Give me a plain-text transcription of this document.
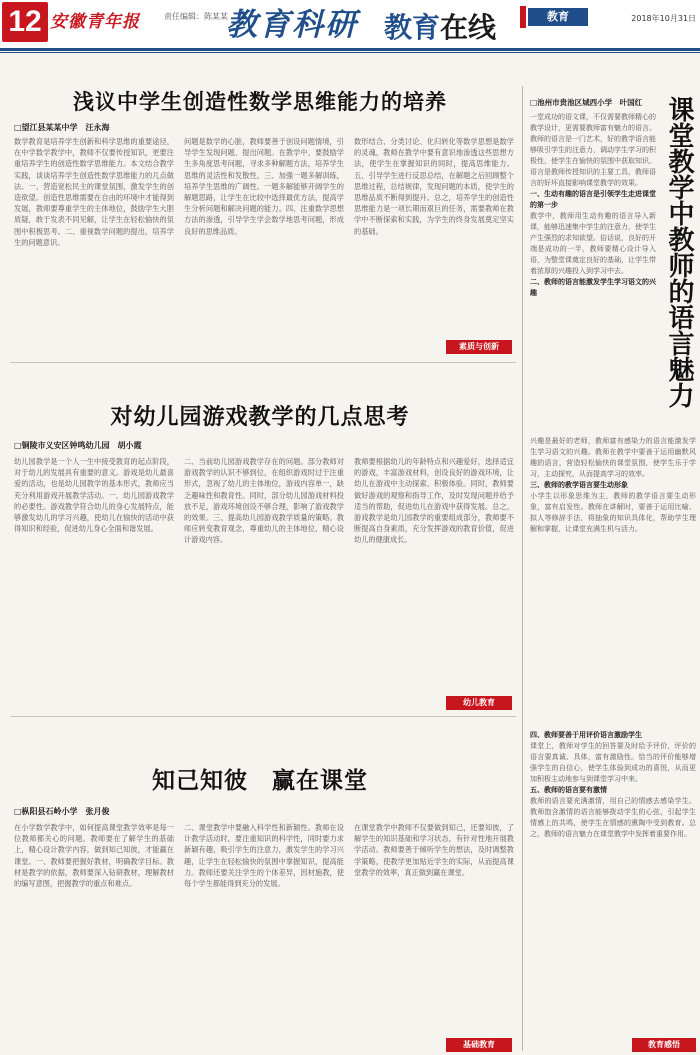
12 安徽青年报	责任编辑：陈某某
教育科研 教育在线	教育	2018年10月31日
浅议中学生创造性数学思维能力的培养
□望江县某某中学　汪永海
数学教育是培养学生创新和科学思维的重要途径，在中学数学教学中，教师不仅要传授知识，更要注重培养学生的创造性数学思维能力。本文结合教学实践，谈谈培养学生创造性数学思维能力的几点做法。一、营造宽松民主的课堂氛围，激发学生的创造欲望。创造性思维需要在自由的环境中才能得到发展，教师要尊重学生的主体地位，鼓励学生大胆质疑，敢于发表不同见解，让学生在轻松愉快的氛围中积极思考。二、重视数学问题的提出，培养学生的问题意识。
问题是数学的心脏，教师要善于创设问题情境，引导学生发现问题、提出问题。在教学中，要鼓励学生多角度思考问题，寻求多种解题方法，培养学生思维的灵活性和发散性。三、加强一题多解训练，培养学生思维的广阔性。一题多解能够开阔学生的解题思路，让学生在比较中选择最优方法，提高学生分析问题和解决问题的能力。四、注重数学思想方法的渗透，引导学生学会数学地思考问题，形成良好的思维品质。
数形结合、分类讨论、化归转化等数学思想是数学的灵魂，教师在教学中要有意识地渗透这些思想方法，使学生在掌握知识的同时，提高思维能力。五、引导学生进行反思总结，在解题之后回顾整个思维过程，总结规律，发现问题的本质，使学生的思维品质不断得到提升。总之，培养学生的创造性思维能力是一项长期而艰巨的任务，需要教师在教学中不断探索和实践，为学生的终身发展奠定坚实的基础。
素质与创新
对幼儿园游戏教学的几点思考
□铜陵市义安区钟鸣幼儿园　胡小霞
幼儿园教学是一个人一生中接受教育的起点阶段，对于幼儿的发展具有重要的意义。游戏是幼儿最喜爱的活动，也是幼儿园教学的基本形式，教师应当充分利用游戏开展教学活动。一、幼儿园游戏教学的必要性。游戏教学符合幼儿的身心发展特点，能够激发幼儿的学习兴趣，使幼儿在愉快的活动中获得知识和经验，促进幼儿身心全面和谐发展。
二、当前幼儿园游戏教学存在的问题。部分教师对游戏教学的认识不够到位，在组织游戏时过于注重形式，忽视了幼儿的主体地位，游戏内容单一，缺乏趣味性和教育性。同时，部分幼儿园游戏材料投放不足，游戏环境创设不够合理，影响了游戏教学的效果。三、提高幼儿园游戏教学质量的策略。教师应转变教育观念，尊重幼儿的主体地位，精心设计游戏内容。
教师要根据幼儿的年龄特点和兴趣爱好，选择适宜的游戏，丰富游戏材料，创设良好的游戏环境，让幼儿在游戏中主动探索、积极体验。同时，教师要做好游戏的观察和指导工作，及时发现问题并给予适当的帮助，促进幼儿在游戏中获得发展。总之，游戏教学是幼儿园教学的重要组成部分，教师要不断提高自身素质，充分发挥游戏的教育价值，促进幼儿的健康成长。
幼儿教育
知己知彼　赢在课堂
□枞阳县石岭小学　张月俊
在小学数学教学中，如何提高课堂教学效率是每一位教师都关心的问题。教师要在了解学生的基础上，精心设计教学内容，做到知己知彼，才能赢在课堂。一、教师要把握好教材，明确教学目标。教材是教学的依据，教师要深入钻研教材，理解教材的编写意图，把握教学的重点和难点。
二、课堂教学中要融入科学性和新颖性。教师在设计教学活动时，要注重知识的科学性，同时要力求新颖有趣，吸引学生的注意力，激发学生的学习兴趣，让学生在轻松愉快的氛围中掌握知识，提高能力。教师还要关注学生的个体差异，因材施教，使每个学生都能得到充分的发展。
在课堂教学中教师不仅要做到知己，还要知彼，了解学生的知识基础和学习状态，有针对性地开展教学活动。教师要善于倾听学生的想法，及时调整教学策略，使教学更加贴近学生的实际，从而提高课堂教学的效率，真正做到赢在课堂。
基础教育
课堂教学中教师的语言魅力
□池州市贵池区城西小学　叶国红
一堂成功的语文课，不仅需要教师精心的教学设计，更需要教师富有魅力的语言。教师的语言是一门艺术，好的教学语言能够吸引学生的注意力，调动学生学习的积极性，使学生在愉快的氛围中获取知识。语言是教师传授知识的主要工具，教师语言的好坏直接影响课堂教学的效果。
一、生动有趣的语言是引领学生走进课堂的第一步
教学中，教师用生动有趣的语言导入新课，能够迅速集中学生的注意力，使学生产生强烈的求知欲望。俗话说，良好的开端是成功的一半，教师要精心设计导入语，为整堂课奠定良好的基础，让学生带着浓厚的兴趣投入到学习中去。
二、教师的语言能激发学生学习语文的兴趣
兴趣是最好的老师，教师富有感染力的语言能激发学生学习语文的兴趣。教师在教学中要善于运用幽默风趣的语言，营造轻松愉快的课堂氛围，使学生乐于学习，主动探究，从而提高学习的效率。
三、教师的教学语言要生动形象
小学生以形象思维为主，教师的教学语言要生动形象，富有启发性。教师在讲解时，要善于运用比喻、拟人等修辞手法，将抽象的知识具体化，帮助学生理解和掌握，让课堂充满生机与活力。
四、教师要善于用评价语言激励学生
课堂上，教师对学生的回答要及时给予评价，评价的语言要真诚、具体，富有激励性。恰当的评价能够增强学生的自信心，使学生体验到成功的喜悦，从而更加积极主动地参与到课堂学习中来。
五、教师的语言要有激情
教师的语言要充满激情，用自己的情感去感染学生。教师饱含激情的语言能够拨动学生的心弦，引起学生情感上的共鸣，使学生在情感的熏陶中受到教育。总之，教师的语言魅力在课堂教学中发挥着重要作用。
教育感悟
